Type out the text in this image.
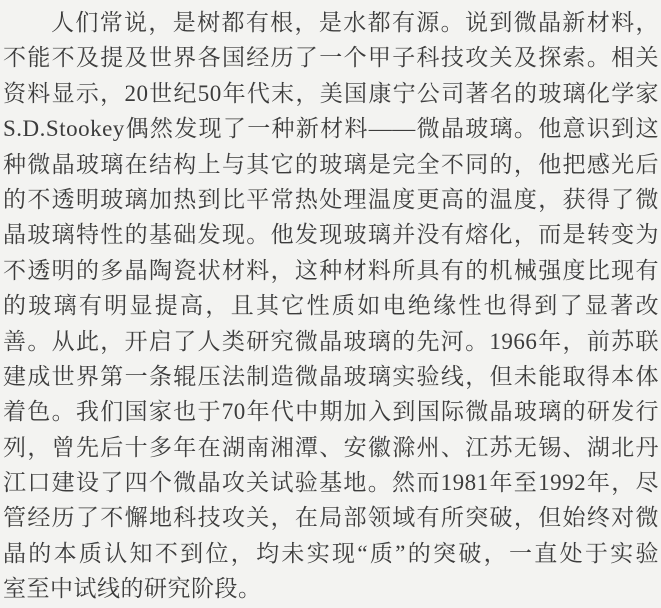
人们常说，是树都有根，是水都有源。说到微晶新材料，
不能不及提及世界各国经历了一个甲子科技攻关及探索。相关
资料显示，20世纪50年代末，美国康宁公司著名的玻璃化学家
S.D.Stookey偶然发现了一种新材料——微晶玻璃。他意识到这
种微晶玻璃在结构上与其它的玻璃是完全不同的，他把感光后
的不透明玻璃加热到比平常热处理温度更高的温度，获得了微
晶玻璃特性的基础发现。他发现玻璃并没有熔化，而是转变为
不透明的多晶陶瓷状材料，这种材料所具有的机械强度比现有
的玻璃有明显提高，且其它性质如电绝缘性也得到了显著改
善。从此，开启了人类研究微晶玻璃的先河。1966年，前苏联
建成世界第一条辊压法制造微晶玻璃实验线，但未能取得本体
着色。我们国家也于70年代中期加入到国际微晶玻璃的研发行
列，曾先后十多年在湖南湘潭、安徽滁州、江苏无锡、湖北丹
江口建设了四个微晶攻关试验基地。然而1981年至1992年，尽
管经历了不懈地科技攻关，在局部领域有所突破，但始终对微
晶的本质认知不到位，均未实现“质”的突破，一直处于实验
室至中试线的研究阶段。
